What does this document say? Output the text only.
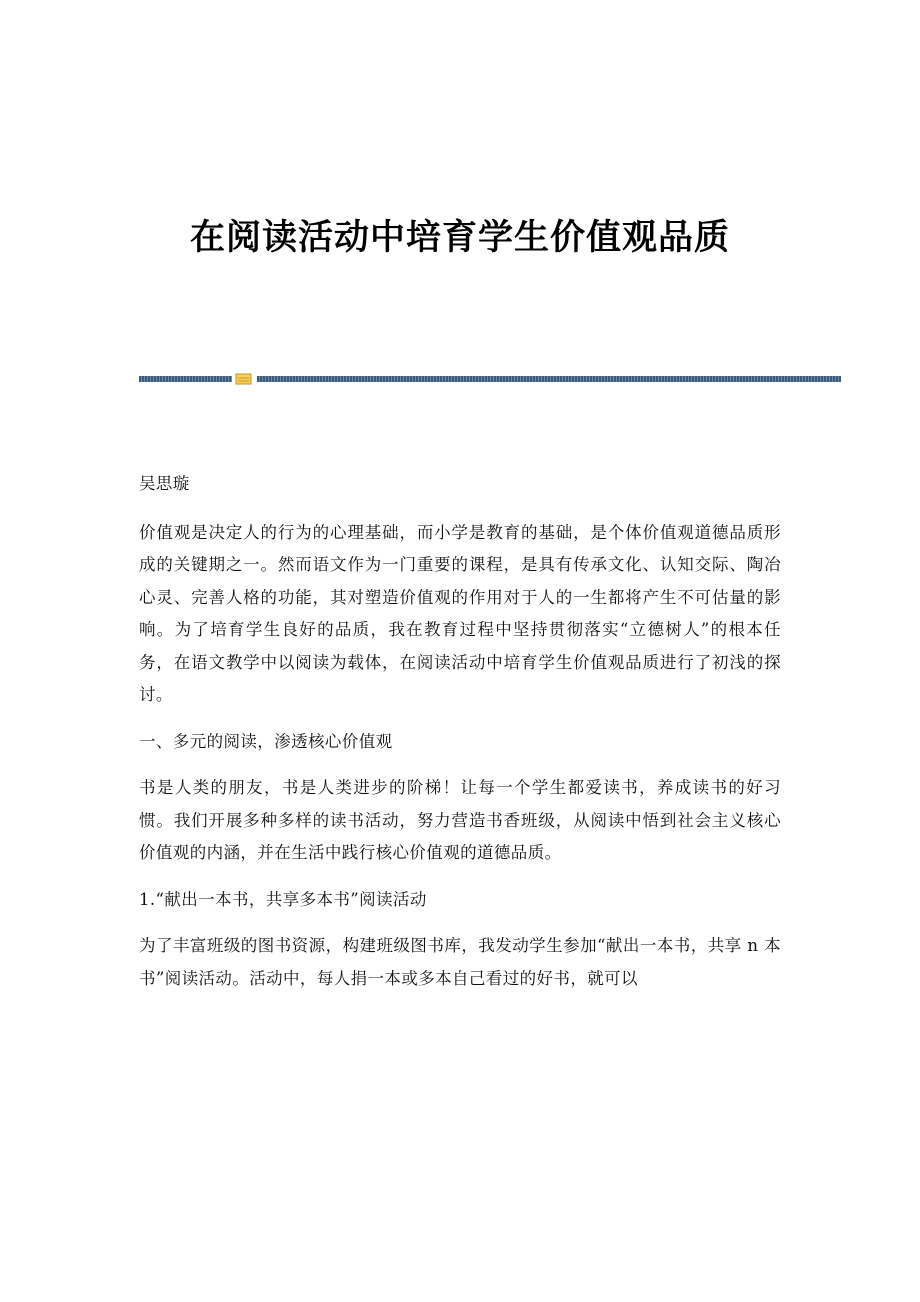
在阅读活动中培育学生价值观品质

吴思璇

价值观是决定人的行为的心理基础，而小学是教育的基础，是个体价值观道德品质形成的关键期之一。然而语文作为一门重要的课程，是具有传承文化、认知交际、陶冶心灵、完善人格的功能，其对塑造价值观的作用对于人的一生都将产生不可估量的影响。为了培育学生良好的品质，我在教育过程中坚持贯彻落实“立德树人”的根本任务，在语文教学中以阅读为载体，在阅读活动中培育学生价值观品质进行了初浅的探讨。

一、多元的阅读，渗透核心价值观

书是人类的朋友，书是人类进步的阶梯！让每一个学生都爱读书，养成读书的好习惯。我们开展多种多样的读书活动，努力营造书香班级，从阅读中悟到社会主义核心价值观的内涵，并在生活中践行核心价值观的道德品质。

1.“献出一本书，共享多本书”阅读活动

为了丰富班级的图书资源，构建班级图书库，我发动学生参加“献出一本书，共享 n 本书”阅读活动。活动中，每人捐一本或多本自己看过的好书，就可以
